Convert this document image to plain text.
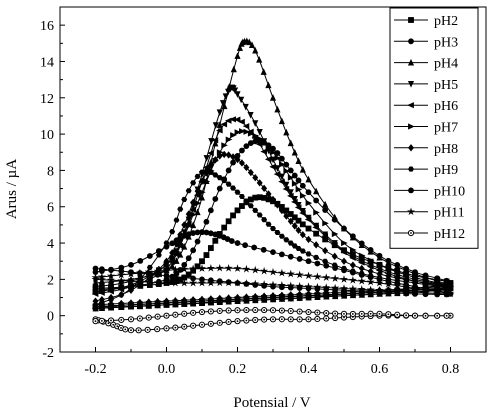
-0.2	0.0	0.2	0.4	0.6	0.8
-2
0
2
4
6
8
10
12
14
16	pH2
pH3
pH4
pH5
pH6
pH7
pH8
pH9
pH10
pH11
pH12
Potensial / V
Arus / µA
